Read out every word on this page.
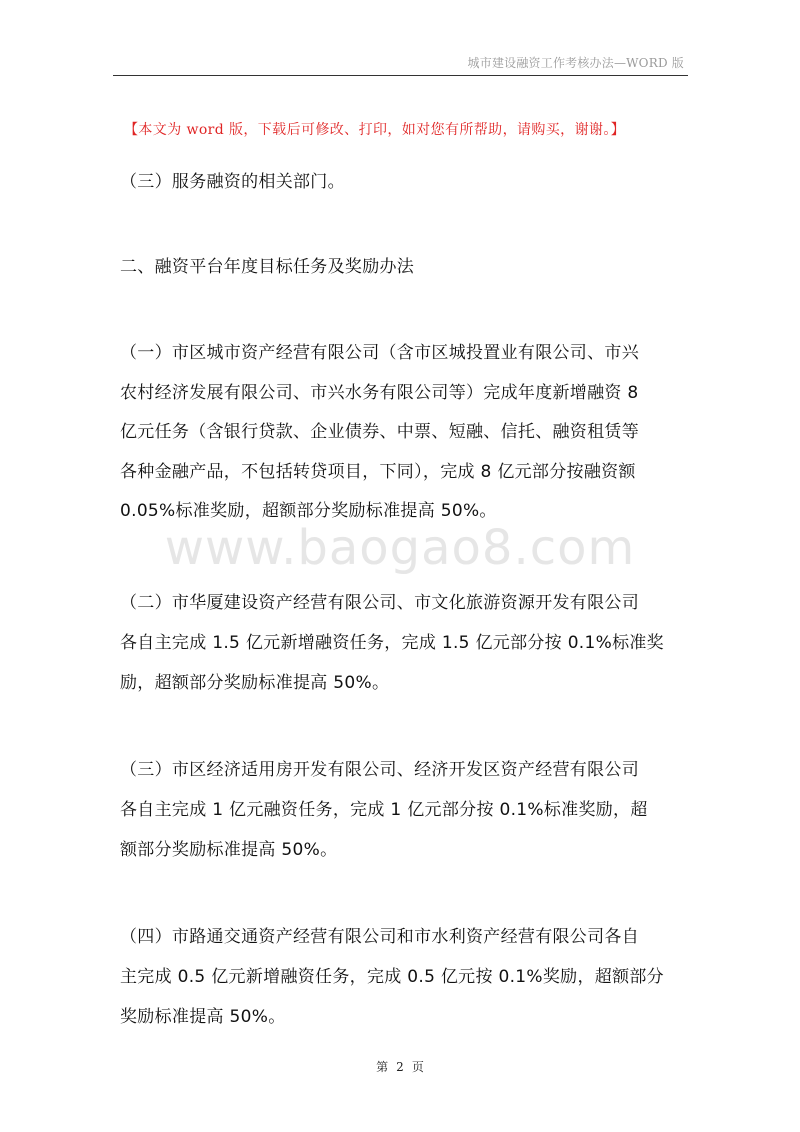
城市建设融资工作考核办法—WORD 版
【本文为 word 版，下载后可修改、打印，如对您有所帮助，请购买，谢谢。】
www.baogao8.com

（三）服务融资的相关部门。

二、融资平台年度目标任务及奖励办法

（一）市区城市资产经营有限公司（含市区城投置业有限公司、市兴

农村经济发展有限公司、市兴水务有限公司等）完成年度新增融资 8

亿元任务（含银行贷款、企业债券、中票、短融、信托、融资租赁等

各种金融产品，不包括转贷项目，下同），完成 8 亿元部分按融资额

0.05%标准奖励，超额部分奖励标准提高 50%。

（二）市华厦建设资产经营有限公司、市文化旅游资源开发有限公司

各自主完成 1.5 亿元新增融资任务，完成 1.5 亿元部分按 0.1%标准奖

励，超额部分奖励标准提高 50%。

（三）市区经济适用房开发有限公司、经济开发区资产经营有限公司

各自主完成 1 亿元融资任务，完成 1 亿元部分按 0.1%标准奖励，超

额部分奖励标准提高 50%。

（四）市路通交通资产经营有限公司和市水利资产经营有限公司各自

主完成 0.5 亿元新增融资任务，完成 0.5 亿元按 0.1%奖励，超额部分

奖励标准提高 50%。

第 2 页
